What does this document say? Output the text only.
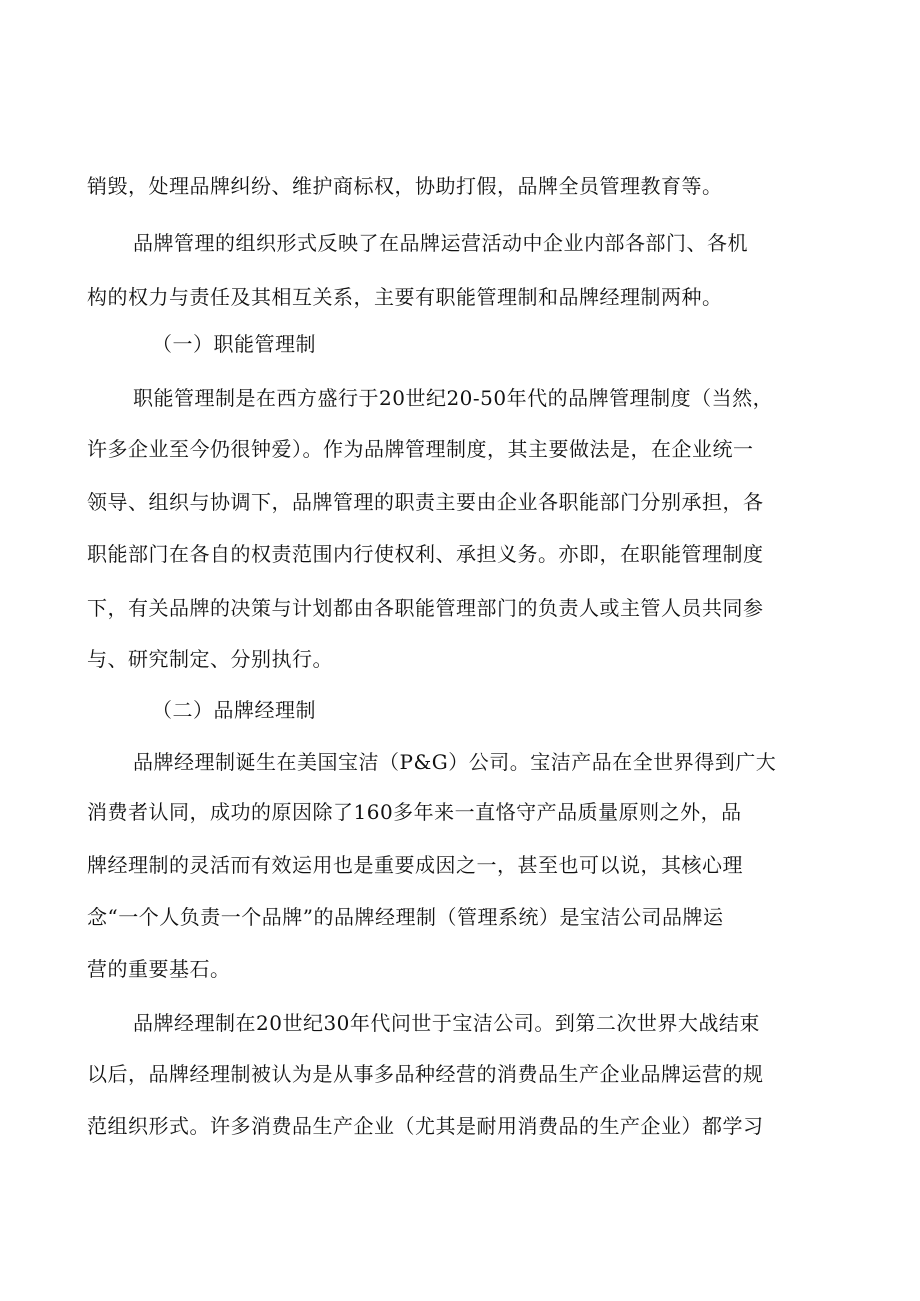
销毁，处理品牌纠纷、维护商标权，协助打假，品牌全员管理教育等。
品牌管理的组织形式反映了在品牌运营活动中企业内部各部门、各机
构的权力与责任及其相互关系，主要有职能管理制和品牌经理制两种。
（一）职能管理制
职能管理制是在西方盛行于20世纪20-50年代的品牌管理制度（当然，
许多企业至今仍很钟爱）。作为品牌管理制度，其主要做法是，在企业统一
领导、组织与协调下，品牌管理的职责主要由企业各职能部门分别承担，各
职能部门在各自的权责范围内行使权利、承担义务。亦即，在职能管理制度
下，有关品牌的决策与计划都由各职能管理部门的负责人或主管人员共同参
与、研究制定、分别执行。
（二）品牌经理制
品牌经理制诞生在美国宝洁（P&G）公司。宝洁产品在全世界得到广大
消费者认同，成功的原因除了160多年来一直恪守产品质量原则之外，品
牌经理制的灵活而有效运用也是重要成因之一，甚至也可以说，其核心理
念“一个人负责一个品牌”的品牌经理制（管理系统）是宝洁公司品牌运
营的重要基石。
品牌经理制在20世纪30年代问世于宝洁公司。到第二次世界大战结束
以后，品牌经理制被认为是从事多品种经营的消费品生产企业品牌运营的规
范组织形式。许多消费品生产企业（尤其是耐用消费品的生产企业）都学习
